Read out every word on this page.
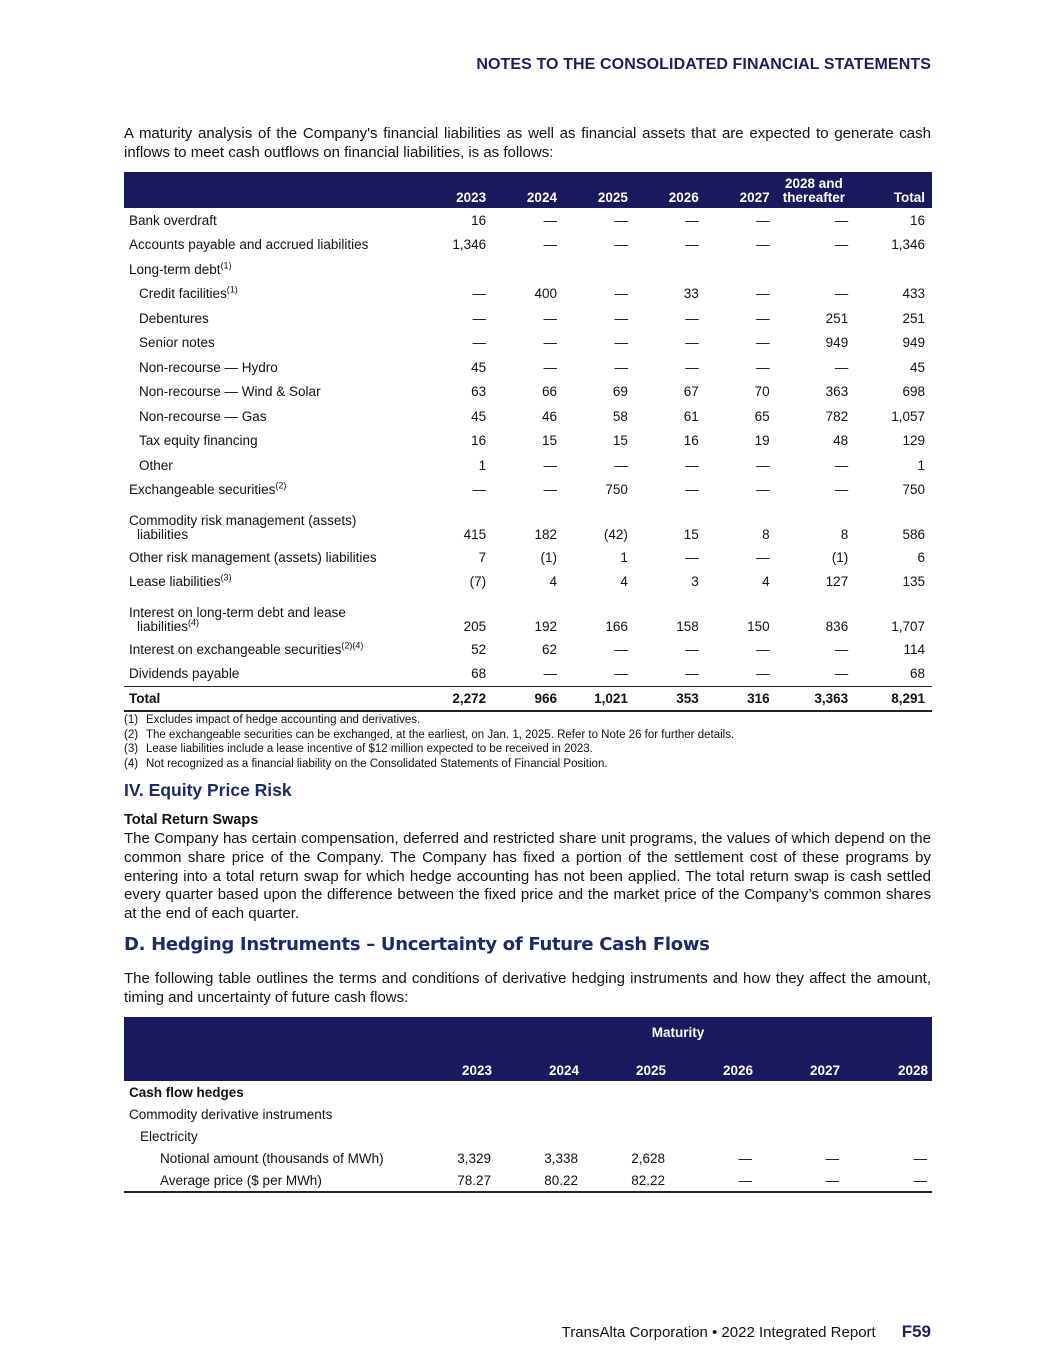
NOTES TO THE CONSOLIDATED FINANCIAL STATEMENTS
A maturity analysis of the Company's financial liabilities as well as financial assets that are expected to generate cash inflows to meet cash outflows on financial liabilities, is as follows:
	2023	2024	2025	2026	2027	2028 and thereafter	Total
Bank overdraft	16	—	—	—	—	—	16
Accounts payable and accrued liabilities	1,346	—	—	—	—	—	1,346
Long-term debt$^{(1)}$							
Credit facilities$^{(1)}$	—	400	—	33	—	—	433
Debentures	—	—	—	—	—	251	251
Senior notes	—	—	—	—	—	949	949
Non-recourse — Hydro	45	—	—	—	—	—	45
Non-recourse — Wind & Solar	63	66	69	67	70	363	698
Non-recourse — Gas	45	46	58	61	65	782	1,057
Tax equity financing	16	15	15	16	19	48	129
Other	1	—	—	—	—	—	1
Exchangeable securities$^{(2)}$	—	—	750	—	—	—	750
Commodity risk management (assets)
liabilities	415	182	(42)	15	8	8	586
Other risk management (assets) liabilities	7	(1)	1	—	—	(1)	6
Lease liabilities$^{(3)}$	(7)	4	4	3	4	127	135
Interest on long-term debt and lease
liabilities$^{(4)}$	205	192	166	158	150	836	1,707
Interest on exchangeable securities$^{(2)(4)}$	52	62	—	—	—	—	114
Dividends payable	68	—	—	—	—	—	68
Total	2,272	966	1,021	353	316	3,363	8,291
(1) Excludes impact of hedge accounting and derivatives.
(2) The exchangeable securities can be exchanged, at the earliest, on Jan. 1, 2025. Refer to Note 26 for further details.
(3) Lease liabilities include a lease incentive of $12 million expected to be received in 2023.
(4) Not recognized as a financial liability on the Consolidated Statements of Financial Position.
IV. Equity Price Risk
Total Return Swaps
The Company has certain compensation, deferred and restricted share unit programs, the values of which depend on the common share price of the Company. The Company has fixed a portion of the settlement cost of these programs by entering into a total return swap for which hedge accounting has not been applied. The total return swap is cash settled every quarter based upon the difference between the fixed price and the market price of the Company’s common shares at the end of each quarter.
D. Hedging Instruments – Uncertainty of Future Cash Flows
The following table outlines the terms and conditions of derivative hedging instruments and how they affect the amount, timing and uncertainty of future cash flows:
	Maturity					
	2023	2024	2025	2026	2027	2028
Cash flow hedges						
Commodity derivative instruments						
Electricity						
Notional amount (thousands of MWh)	3,329	3,338	2,628	—	—	—
Average price ($ per MWh)	78.27	80.22	82.22	—	—	—
TransAlta Corporation • 2022 Integrated Report F59
